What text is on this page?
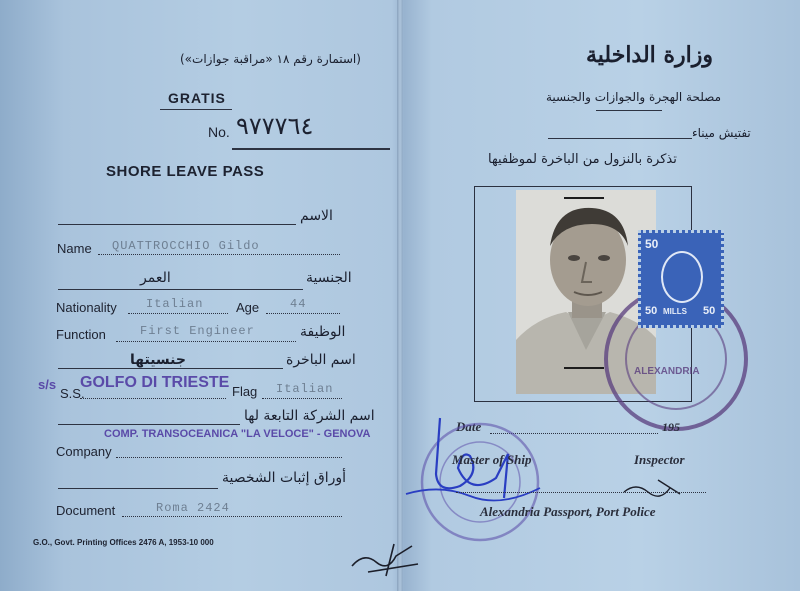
(استمارة رقم ١٨ «مراقبة جوازات»)
GRATIS
No. ٩٧٧٧٦٤
SHORE LEAVE PASS
الاسم
Name QUATTROCCHIO Gildo
الجنسية
العمر
Nationality Italian	Age	44
Function	First Engineer	الوظيفة
اسم الباخرة
جنسيتها
s/s
S.S.
GOLFO DI TRIESTE
Flag Italian
اسم الشركة التابعة لها
COMP. TRANSOCEANICA "LA VELOCE" - GENOVA
Company
أوراق إثبات الشخصية
Document	Roma 2424
G.O., Govt. Printing Offices 2476 A, 1953-10 000
وزارة الداخلية
مصلحة الهجرة والجوازات والجنسية
تفتيش ميناء
تذكرة بالنزول من الباخرة لموظفيها
ALEXANDRIA
50
50 MILLS 50
Date	195
Master of Ship	Inspector
Alexandria Passport, Port Police
